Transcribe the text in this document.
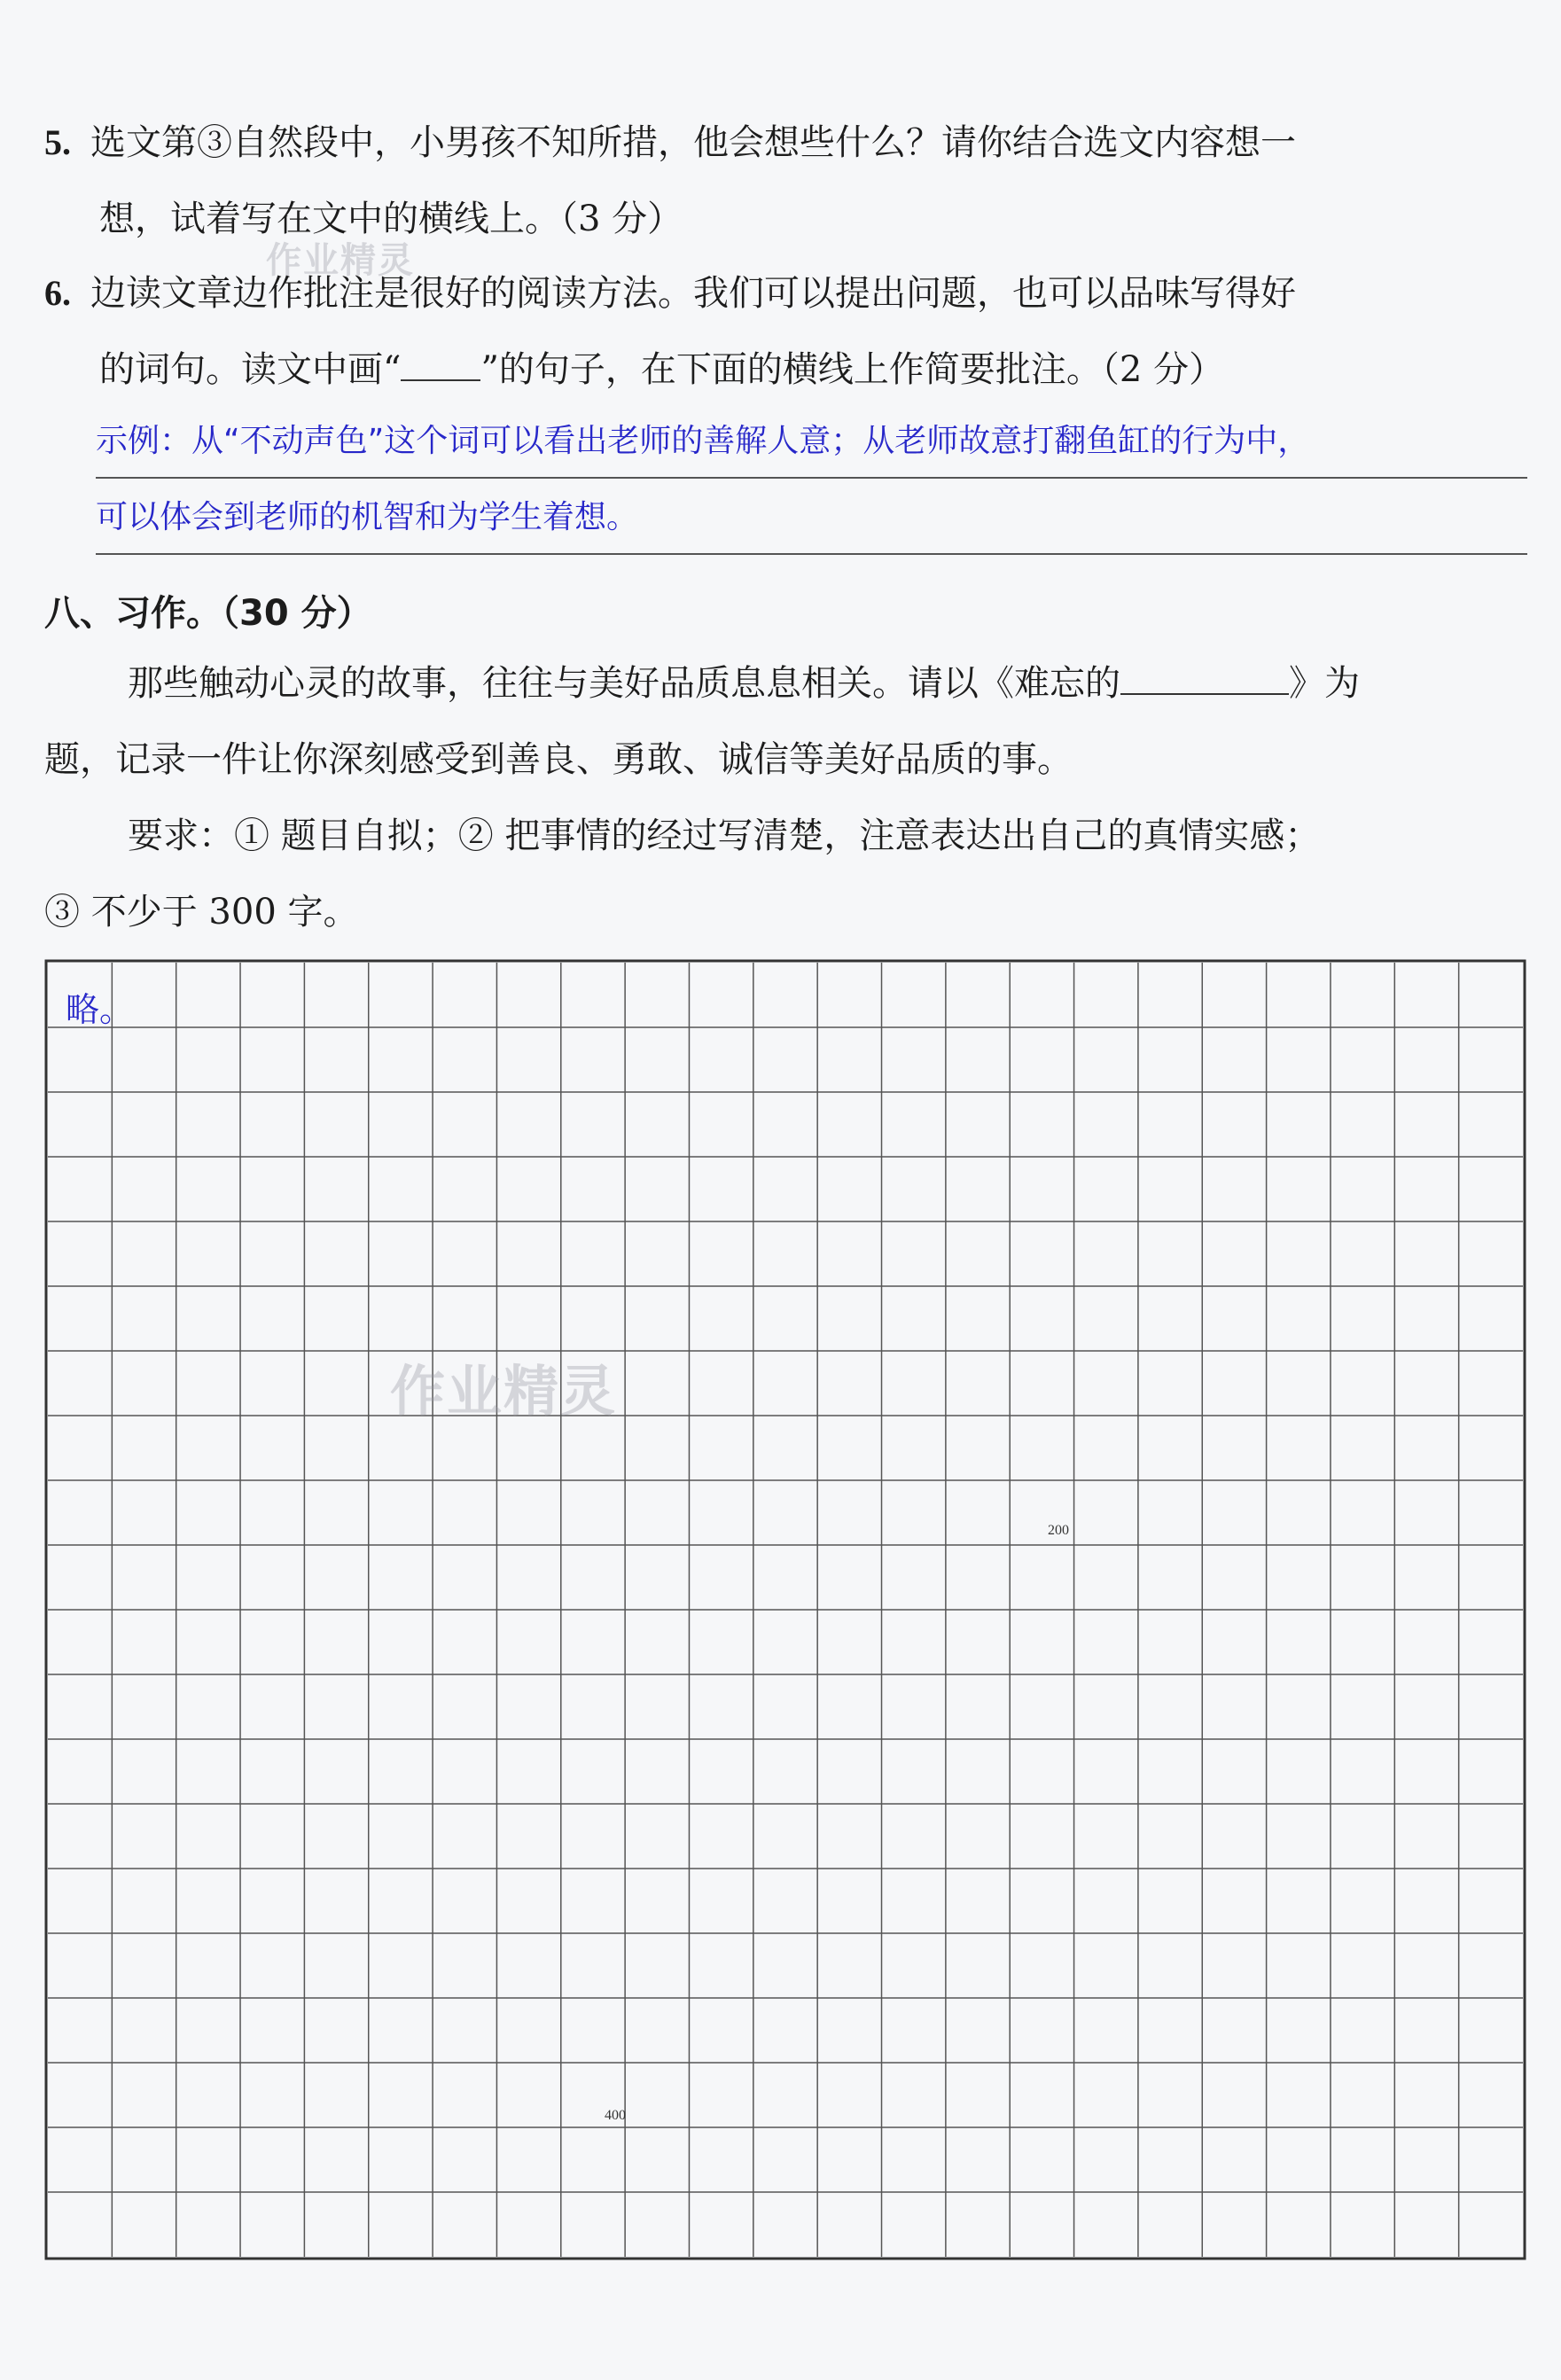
5. 选文第③自然段中，小男孩不知所措，他会想些什么？请你结合选文内容想一
想，试着写在文中的横线上。（3 分）
6. 边读文章边作批注是很好的阅读方法。我们可以提出问题，也可以品味写得好
的词句。读文中画“ ”的句子，在下面的横线上作简要批注。（2 分）
示例：从“不动声色”这个词可以看出老师的善解人意；从老师故意打翻鱼缸的行为中，
可以体会到老师的机智和为学生着想。
八、习作。（30 分）
那些触动心灵的故事，往往与美好品质息息相关。请以《难忘的	》为
题，记录一件让你深刻感受到善良、勇敢、诚信等美好品质的事。
要求：① 题目自拟；② 把事情的经过写清楚，注意表达出自己的真情实感；
③ 不少于 300 字。
略。
200
400
作业精灵
作业精灵
